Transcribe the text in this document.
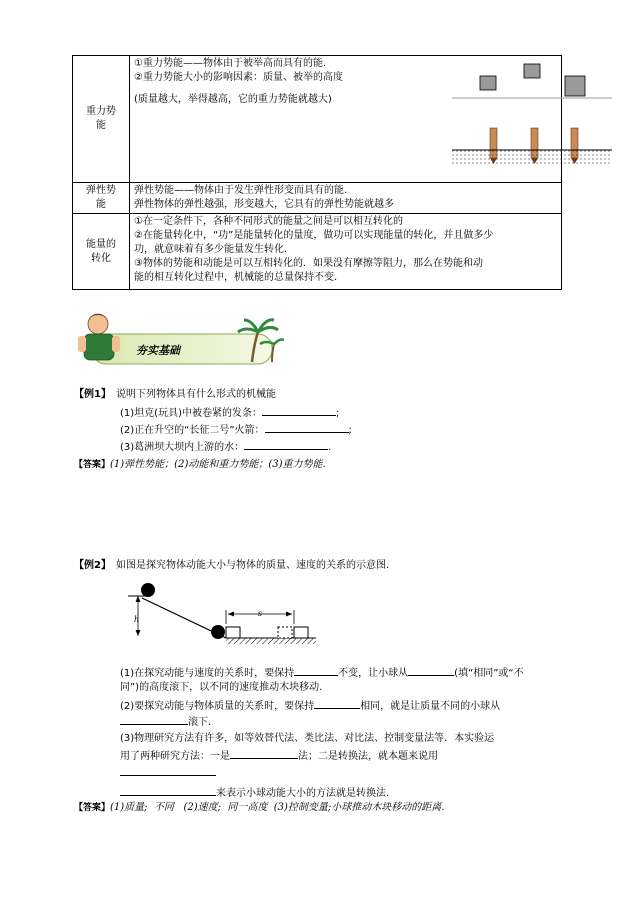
重力势能	①重力势能——物体由于被举高而具有的能.
②重力势能大小的影响因素：质量、被举的高度
(质量越大，举得越高，它的重力势能就越大)

弹性势能	弹性势能——物体由于发生弹性形变而具有的能.
弹性物体的弹性越强，形变越大，它具有的弹性势能就越多

能量的转化	①在一定条件下，各种不同形式的能量之间是可以相互转化的
②在能量转化中，“功”是能量转化的量度，做功可以实现能量的转化，并且做多少
功，就意味着有多少能量发生转化.
③物体的势能和动能是可以互相转化的．如果没有摩擦等阻力，那么在势能和动
能的相互转化过程中，机械能的总量保持不变.
夯实基础
【例1】 说明下列物体具有什么形式的机械能
(1)坦克(玩具)中被卷紧的发条：	;
(2)正在升空的“长征二号”火箭：	;
(3)葛洲坝大坝内上游的水：	.
【答案】(1)弹性势能；(2)动能和重力势能；(3)重力势能.
【例2】 如图是探究物体动能大小与物体的质量、速度的关系的示意图.
h
s
(1)在探究动能与速度的关系时，要保持	不变，让小球从	(填“相同”或“不
同”)的高度滚下，以不同的速度推动木块移动.
(2)要探究动能与物体质量的关系时，要保持	相同，就是让质量不同的小球从
滚下.
(3)物理研究方法有许多，如等效替代法、类比法、对比法、控制变量法等．本实验运
用了两种研究方法：一是	法；二是转换法，就本题来说用
来表示小球动能大小的方法就是转换法.
【答案】(1)质量;  不同   (2)速度;  同一高度  (3)控制变量;小球推动木块移动的距离.
